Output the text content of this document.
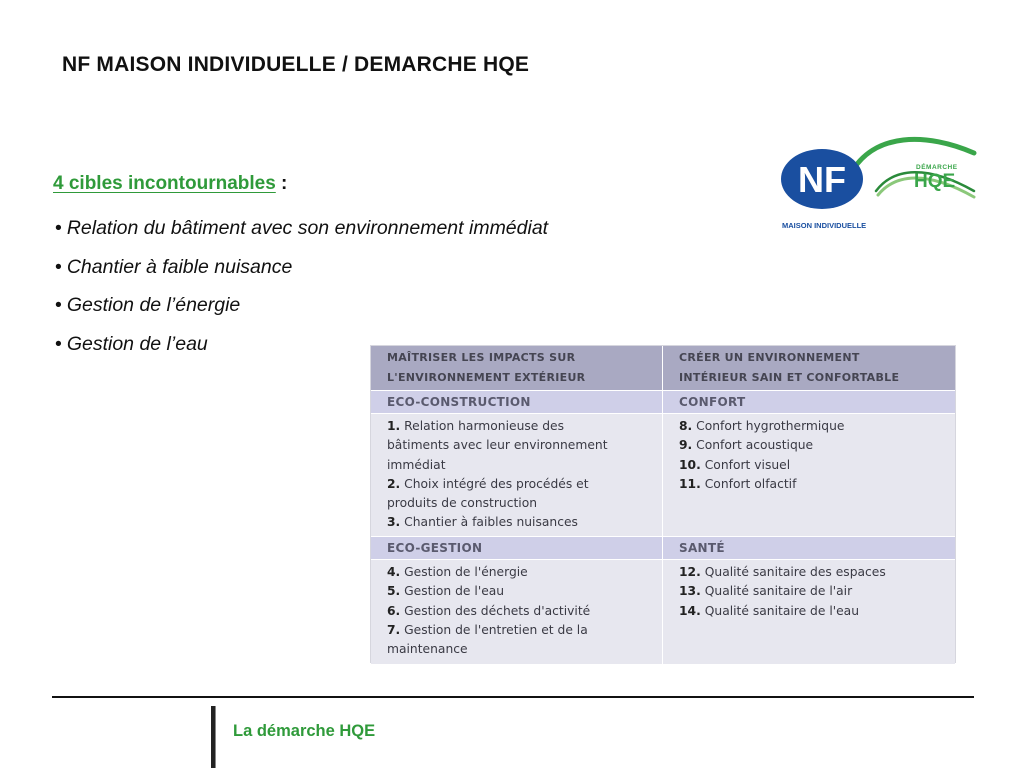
NF MAISON INDIVIDUELLE / DEMARCHE HQE
4 cibles incontournables :
• Relation du bâtiment avec son environnement immédiat
• Chantier à faible nuisance
• Gestion de l’énergie
• Gestion de l’eau
NF
MAISON INDIVIDUELLE
DÉMARCHE
HQE
MAÎTRISER LES IMPACTS SUR
L'ENVIRONNEMENT EXTÉRIEUR
CRÉER UN ENVIRONNEMENT
INTÉRIEUR SAIN ET CONFORTABLE
ECO-CONSTRUCTION	CONFORT
1. Relation harmonieuse des
bâtiments avec leur environnement
immédiat
2. Choix intégré des procédés et
produits de construction
3. Chantier à faibles nuisances
8. Confort hygrothermique
9. Confort acoustique
10. Confort visuel
11. Confort olfactif
ECO-GESTION	SANTÉ
4. Gestion de l'énergie
5. Gestion de l'eau
6. Gestion des déchets d'activité
7. Gestion de l'entretien et de la
maintenance
12. Qualité sanitaire des espaces
13. Qualité sanitaire de l'air
14. Qualité sanitaire de l'eau
La démarche HQE
